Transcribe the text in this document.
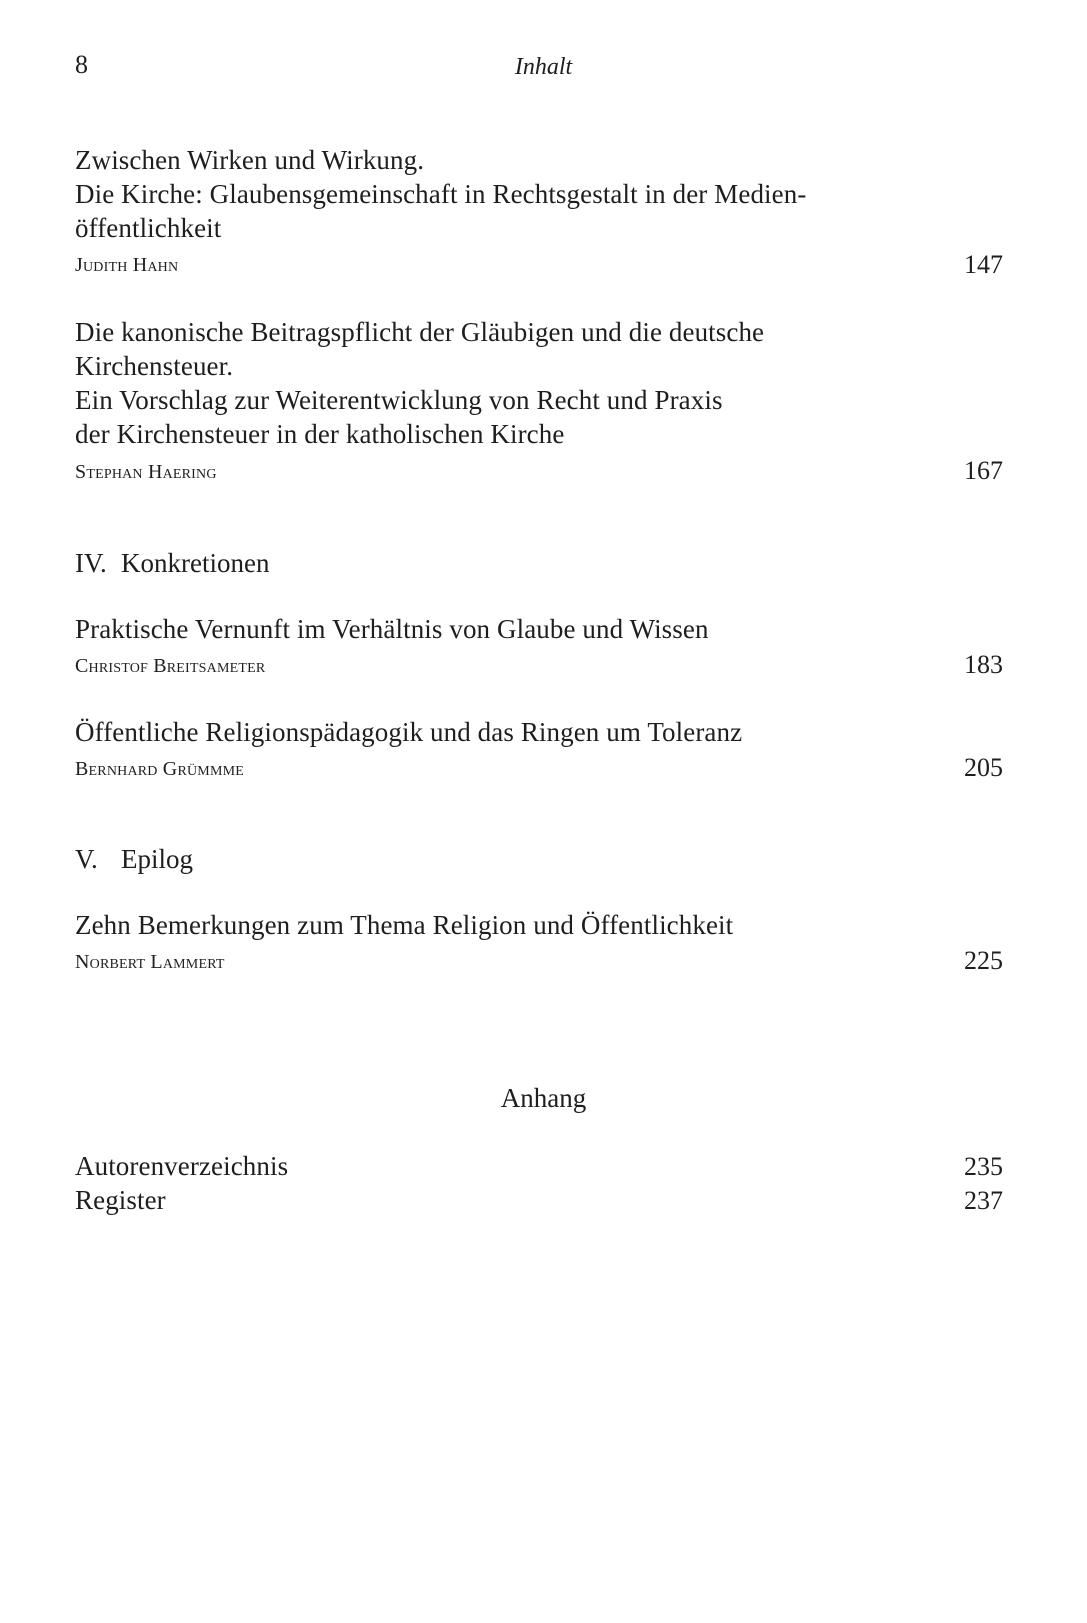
8	Inhalt
Zwischen Wirken und Wirkung.
Die Kirche: Glaubensgemeinschaft in Rechtsgestalt in der Medien-
öffentlichkeit
Judith Hahn	147
Die kanonische Beitragspflicht der Gläubigen und die deutsche
Kirchensteuer.
Ein Vorschlag zur Weiterentwicklung von Recht und Praxis
der Kirchensteuer in der katholischen Kirche
Stephan Haering	167
IV. Konkretionen
Praktische Vernunft im Verhältnis von Glaube und Wissen
Christof Breitsameter	183
Öffentliche Religionspädagogik und das Ringen um Toleranz
Bernhard Grümmme	205
V. Epilog
Zehn Bemerkungen zum Thema Religion und Öffentlichkeit
Norbert Lammert	225
Anhang
Autorenverzeichnis	235
Register	237
